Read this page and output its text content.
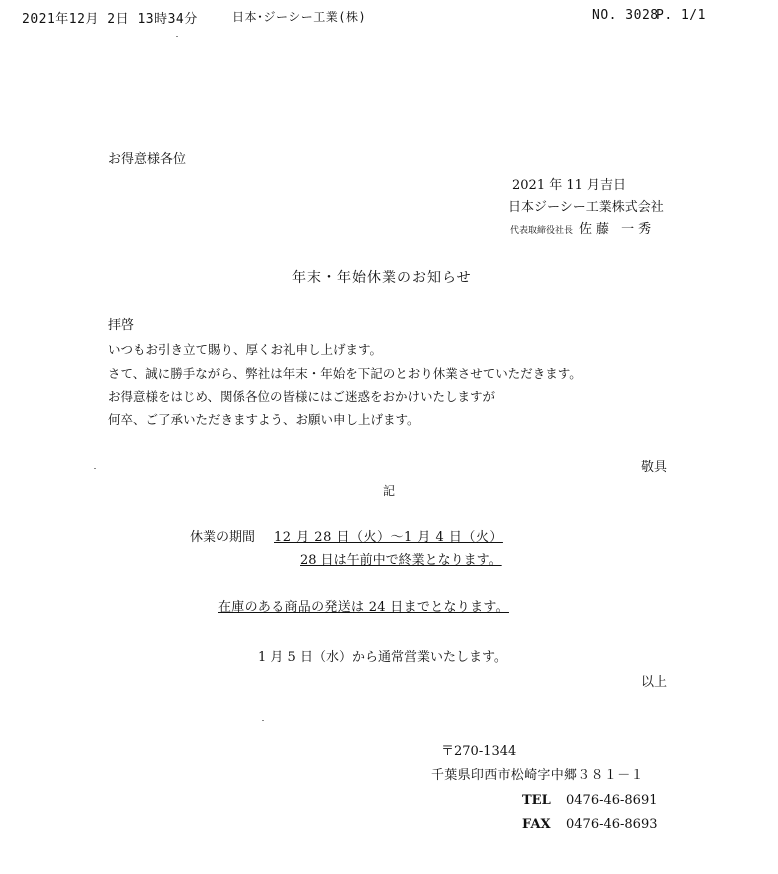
2021年12月 2日 13時34分	日本･ジーシー工業(株)	NO. 3028
P. 1/1
お得意様各位
2021 年 11 月吉日
日本ジーシー工業株式会社
代表取締役社長 佐藤 一秀
年末・年始休業のお知らせ
拝啓
いつもお引き立て賜り、厚くお礼申し上げます。
さて、誠に勝手ながら、弊社は年末・年始を下記のとおり休業させていただきます。
お得意様をはじめ、関係各位の皆様にはご迷惑をおかけいたしますが
何卒、ご了承いただきますよう、お願い申し上げます。
敬具
記
休業の期間 12 月 28 日（火）～1 月 4 日（火）
28 日は午前中で終業となります。
在庫のある商品の発送は 24 日までとなります。
1 月 5 日（水）から通常営業いたします。
以上
〒270-1344
千葉県印西市松崎字中郷３８１－１
TEL 0476-46-8691
FAX 0476-46-8693
